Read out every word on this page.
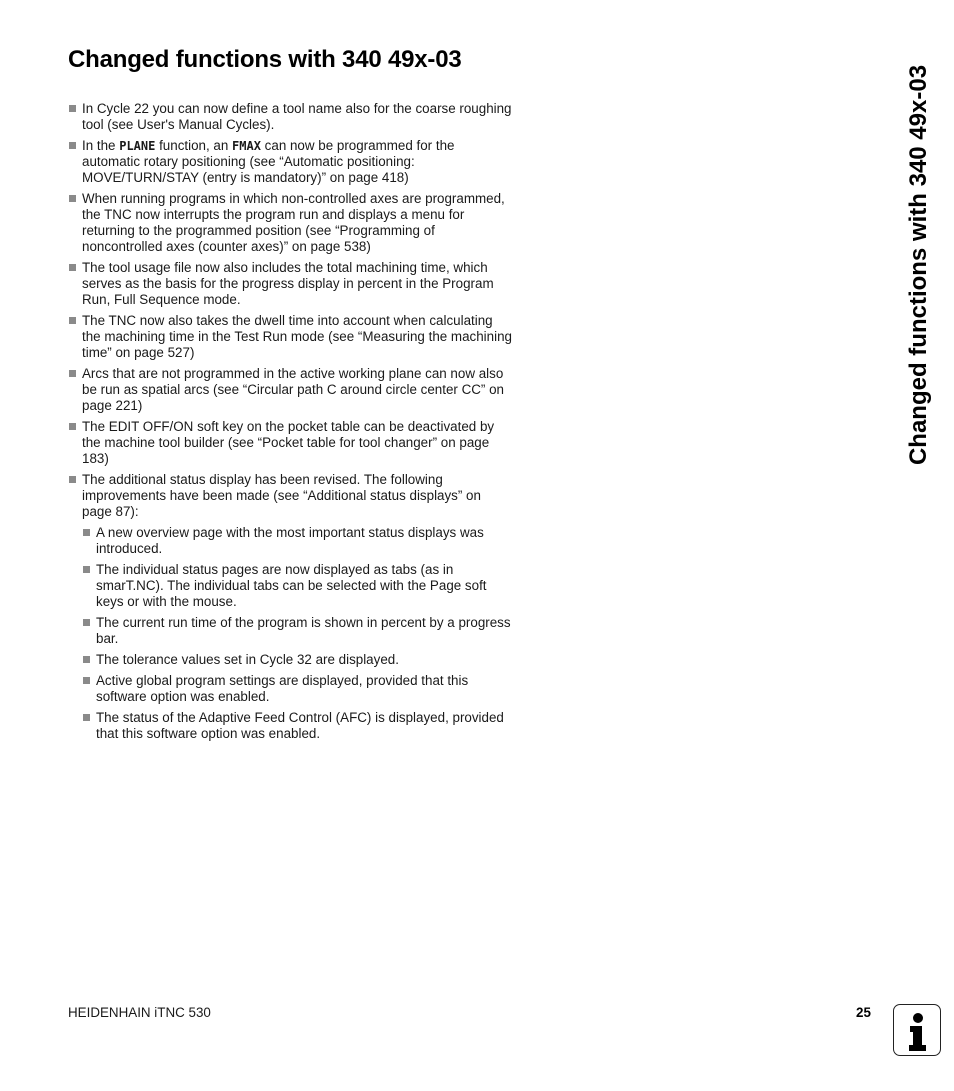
Changed functions with 340 49x-03
In Cycle 22 you can now define a tool name also for the coarse roughing tool (see User's Manual Cycles).
In the PLANE function, an FMAX can now be programmed for the automatic rotary positioning (see “Automatic positioning: MOVE/TURN/STAY (entry is mandatory)” on page 418)
When running programs in which non-controlled axes are programmed, the TNC now interrupts the program run and displays a menu for returning to the programmed position (see “Programming of noncontrolled axes (counter axes)” on page 538)
The tool usage file now also includes the total machining time, which serves as the basis for the progress display in percent in the Program Run, Full Sequence mode.
The TNC now also takes the dwell time into account when calculating the machining time in the Test Run mode (see “Measuring the machining time” on page 527)
Arcs that are not programmed in the active working plane can now also be run as spatial arcs (see “Circular path C around circle center CC” on page 221)
The EDIT OFF/ON soft key on the pocket table can be deactivated by the machine tool builder (see “Pocket table for tool changer” on page 183)
The additional status display has been revised. The following improvements have been made (see “Additional status displays” on page 87):
A new overview page with the most important status displays was introduced.
The individual status pages are now displayed as tabs (as in smarT.NC). The individual tabs can be selected with the Page soft keys or with the mouse.
The current run time of the program is shown in percent by a progress bar.
The tolerance values set in Cycle 32 are displayed.
Active global program settings are displayed, provided that this software option was enabled.
The status of the Adaptive Feed Control (AFC) is displayed, provided that this software option was enabled.
Changed functions with 340 49x-03
HEIDENHAIN iTNC 530	25
